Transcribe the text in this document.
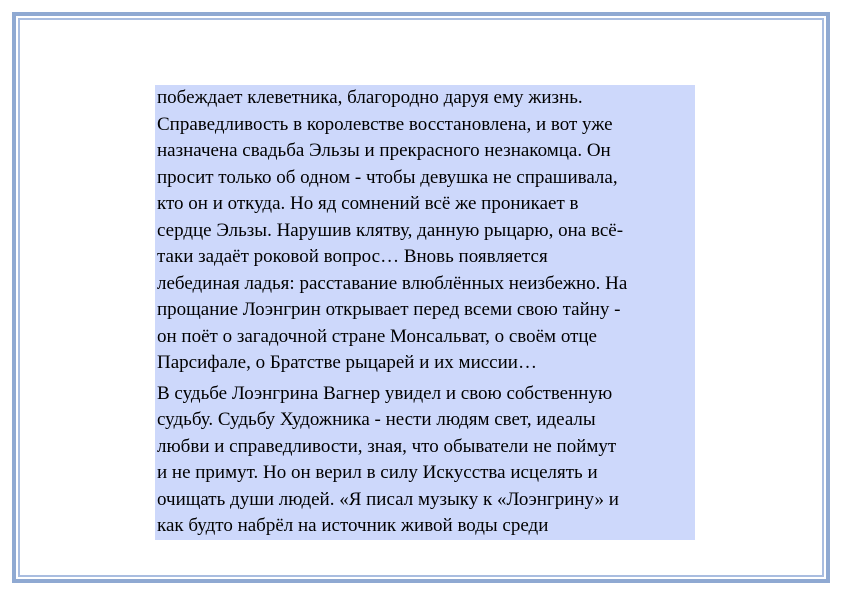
побеждает клеветника, благородно даруя ему жизнь.
Справедливость в королевстве восстановлена, и вот уже
назначена свадьба Эльзы и прекрасного незнакомца. Он
просит только об одном - чтобы девушка не спрашивала,
кто он и откуда. Но яд сомнений всё же проникает в
сердце Эльзы. Нарушив клятву, данную рыцарю, она всё-
таки задаёт роковой вопрос… Вновь появляется
лебединая ладья: расставание влюблённых неизбежно. На
прощание Лоэнгрин открывает перед всеми свою тайну -
он поёт о загадочной стране Монсальват, о своём отце
Парсифале, о Братстве рыцарей и их миссии…

В судьбе Лоэнгрина Вагнер увидел и свою собственную
судьбу. Судьбу Художника - нести людям свет, идеалы
любви и справедливости, зная, что обыватели не поймут
и не примут. Но он верил в силу Искусства исцелять и
очищать души людей. «Я писал музыку к «Лоэнгрину» и
как будто набрёл на источник живой воды среди
